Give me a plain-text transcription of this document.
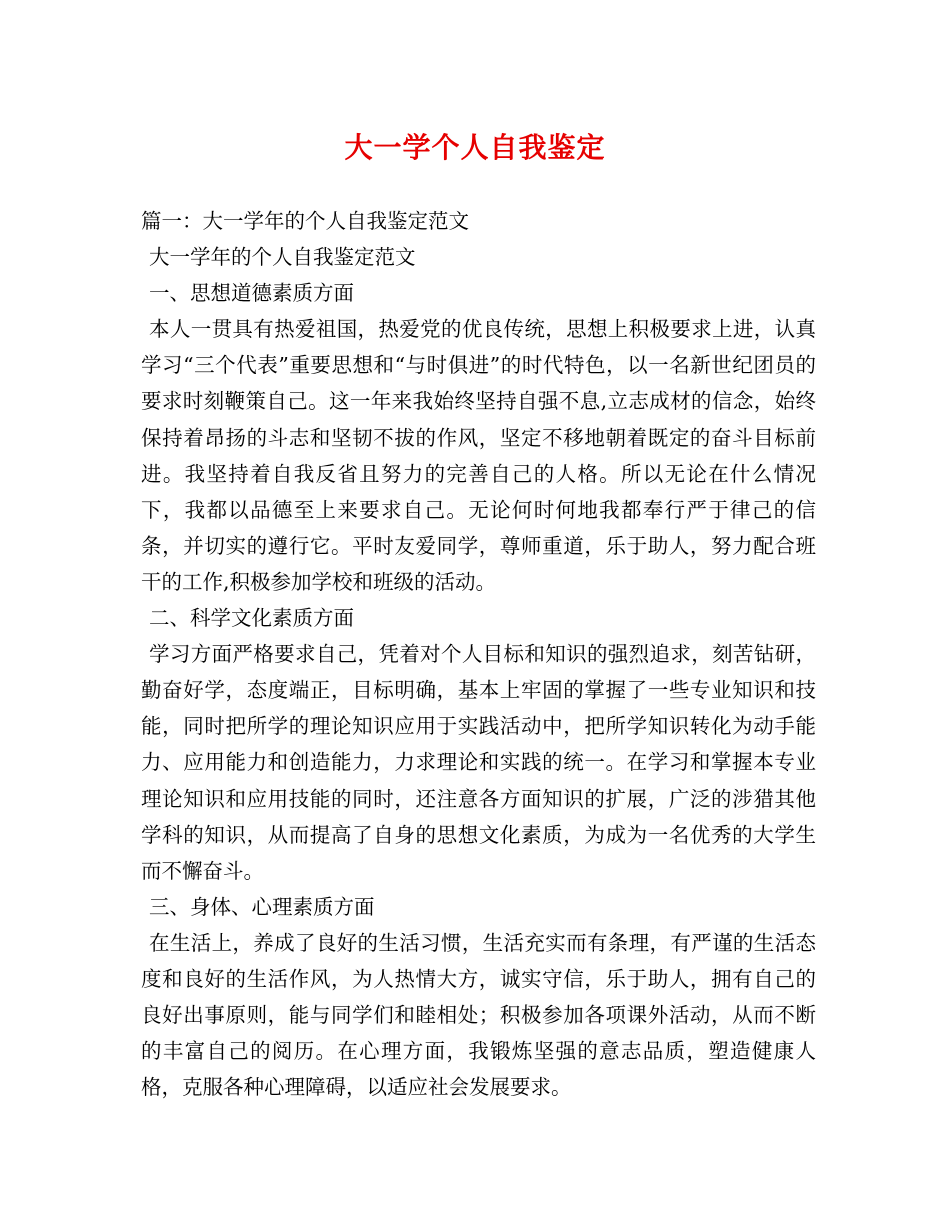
大一学个人自我鉴定

篇一：大一学年的个人自我鉴定范文

大一学年的个人自我鉴定范文

一、思想道德素质方面

本人一贯具有热爱祖国，热爱党的优良传统，思想上积极要求上进，认真学习“三个代表”重要思想和“与时俱进”的时代特色，以一名新世纪团员的要求时刻鞭策自己。这一年来我始终坚持自强不息,立志成材的信念，始终保持着昂扬的斗志和坚韧不拔的作风，坚定不移地朝着既定的奋斗目标前进。我坚持着自我反省且努力的完善自己的人格。所以无论在什么情况下，我都以品德至上来要求自己。无论何时何地我都奉行严于律己的信条，并切实的遵行它。平时友爱同学，尊师重道，乐于助人，努力配合班干的工作,积极参加学校和班级的活动。

二、科学文化素质方面

学习方面严格要求自己，凭着对个人目标和知识的强烈追求，刻苦钻研，勤奋好学，态度端正，目标明确，基本上牢固的掌握了一些专业知识和技能，同时把所学的理论知识应用于实践活动中，把所学知识转化为动手能力、应用能力和创造能力，力求理论和实践的统一。在学习和掌握本专业理论知识和应用技能的同时，还注意各方面知识的扩展，广泛的涉猎其他学科的知识，从而提高了自身的思想文化素质，为成为一名优秀的大学生而不懈奋斗。

三、身体、心理素质方面

在生活上，养成了良好的生活习惯，生活充实而有条理，有严谨的生活态度和良好的生活作风，为人热情大方，诚实守信，乐于助人，拥有自己的良好出事原则，能与同学们和睦相处；积极参加各项课外活动，从而不断的丰富自己的阅历。在心理方面，我锻炼坚强的意志品质，塑造健康人格，克服各种心理障碍，以适应社会发展要求。
